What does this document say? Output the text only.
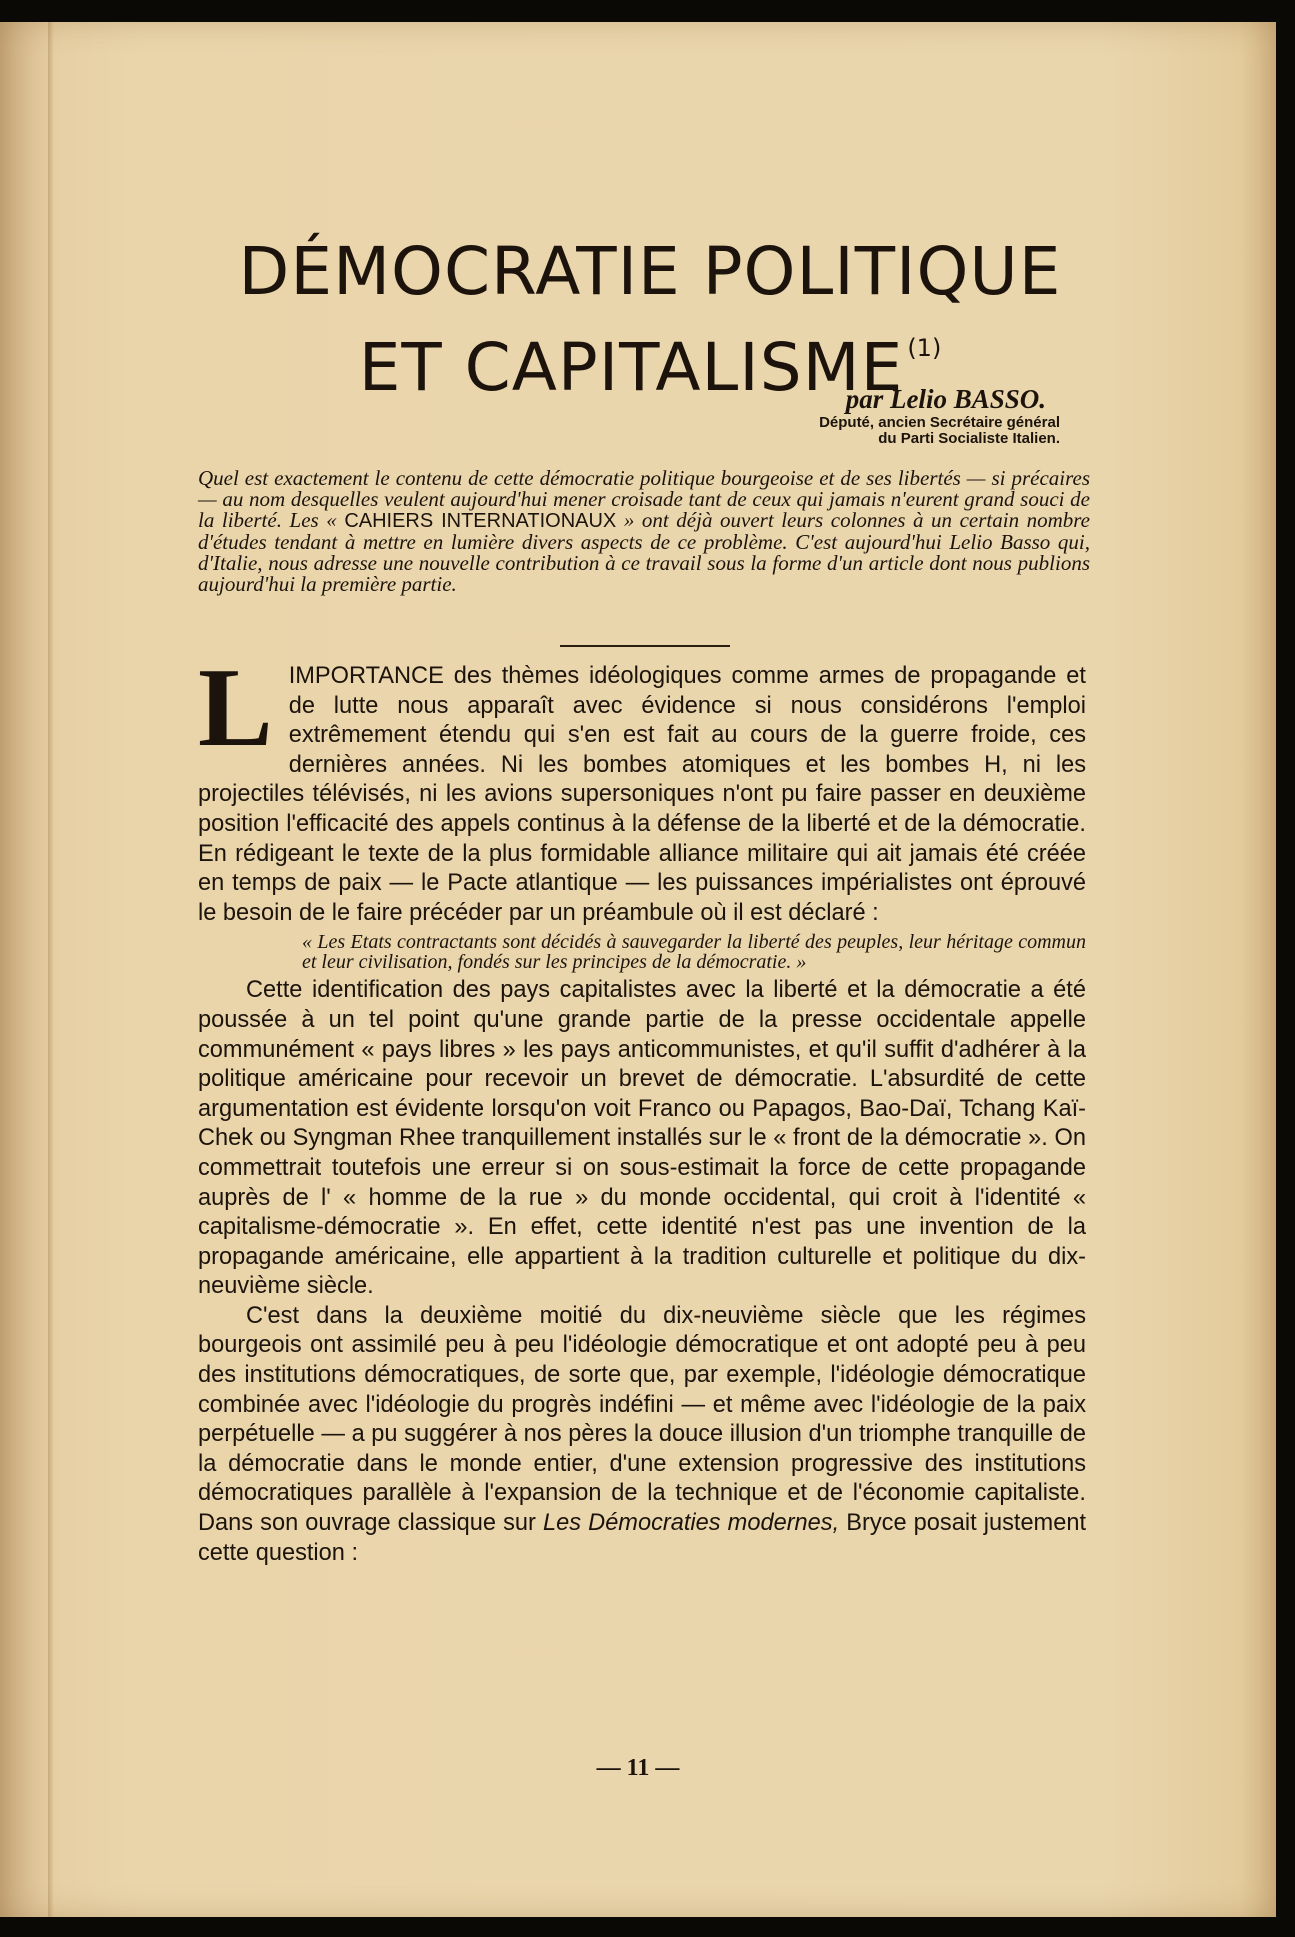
DÉMOCRATIE POLITIQUE
ET CAPITALISME $^{(1)}$
par Lelio BASSO.
Député, ancien Secrétaire général
du Parti Socialiste Italien.
Quel est exactement le contenu de cette démocratie politique bourgeoise et de ses libertés — si précaires — au nom desquelles veulent aujourd'hui mener croisade tant de ceux qui jamais n'eurent grand souci de la liberté. Les « CAHIERS INTERNATIONAUX » ont déjà ouvert leurs colonnes à un certain nombre d'études tendant à mettre en lumière divers aspects de ce problème. C'est aujourd'hui Lelio Basso qui, d'Italie, nous adresse une nouvelle contribution à ce travail sous la forme d'un article dont nous publions aujourd'hui la première partie.
L IMPORTANCE des thèmes idéologiques comme armes de propagande et de lutte nous apparaît avec évidence si nous considérons l'emploi extrêmement étendu qui s'en est fait au cours de la guerre froide, ces dernières années. Ni les bombes atomiques et les bombes H, ni les projectiles télévisés, ni les avions supersoniques n'ont pu faire passer en deuxième position l'efficacité des appels continus à la défense de la liberté et de la démocratie. En rédigeant le texte de la plus formidable alliance militaire qui ait jamais été créée en temps de paix — le Pacte atlantique — les puissances impérialistes ont éprouvé le besoin de le faire précéder par un préambule où il est déclaré :

« Les Etats contractants sont décidés à sauvegarder la liberté des peuples, leur héritage commun et leur civilisation, fondés sur les principes de la démocratie. »

Cette identification des pays capitalistes avec la liberté et la démocratie a été poussée à un tel point qu'une grande partie de la presse occidentale appelle communément « pays libres » les pays anticommunistes, et qu'il suffit d'adhérer à la politique américaine pour recevoir un brevet de démocratie. L'absurdité de cette argumentation est évidente lorsqu'on voit Franco ou Papagos, Bao-Daï, Tchang Kaï-Chek ou Syngman Rhee tranquillement installés sur le « front de la démocratie ». On commettrait toutefois une erreur si on sous-estimait la force de cette propagande auprès de l' « homme de la rue » du monde occidental, qui croit à l'identité « capitalisme-démocratie ». En effet, cette identité n'est pas une invention de la propagande américaine, elle appartient à la tradition culturelle et politique du dix-neuvième siècle.

C'est dans la deuxième moitié du dix-neuvième siècle que les régimes bourgeois ont assimilé peu à peu l'idéologie démocratique et ont adopté peu à peu des institutions démocratiques, de sorte que, par exemple, l'idéologie démocratique combinée avec l'idéologie du progrès indéfini — et même avec l'idéologie de la paix perpétuelle — a pu suggérer à nos pères la douce illusion d'un triomphe tranquille de la démocratie dans le monde entier, d'une extension progressive des institutions démocratiques parallèle à l'expansion de la technique et de l'économie capitaliste. Dans son ouvrage classique sur Les Démocraties modernes, Bryce posait justement cette question :

— 11 —
